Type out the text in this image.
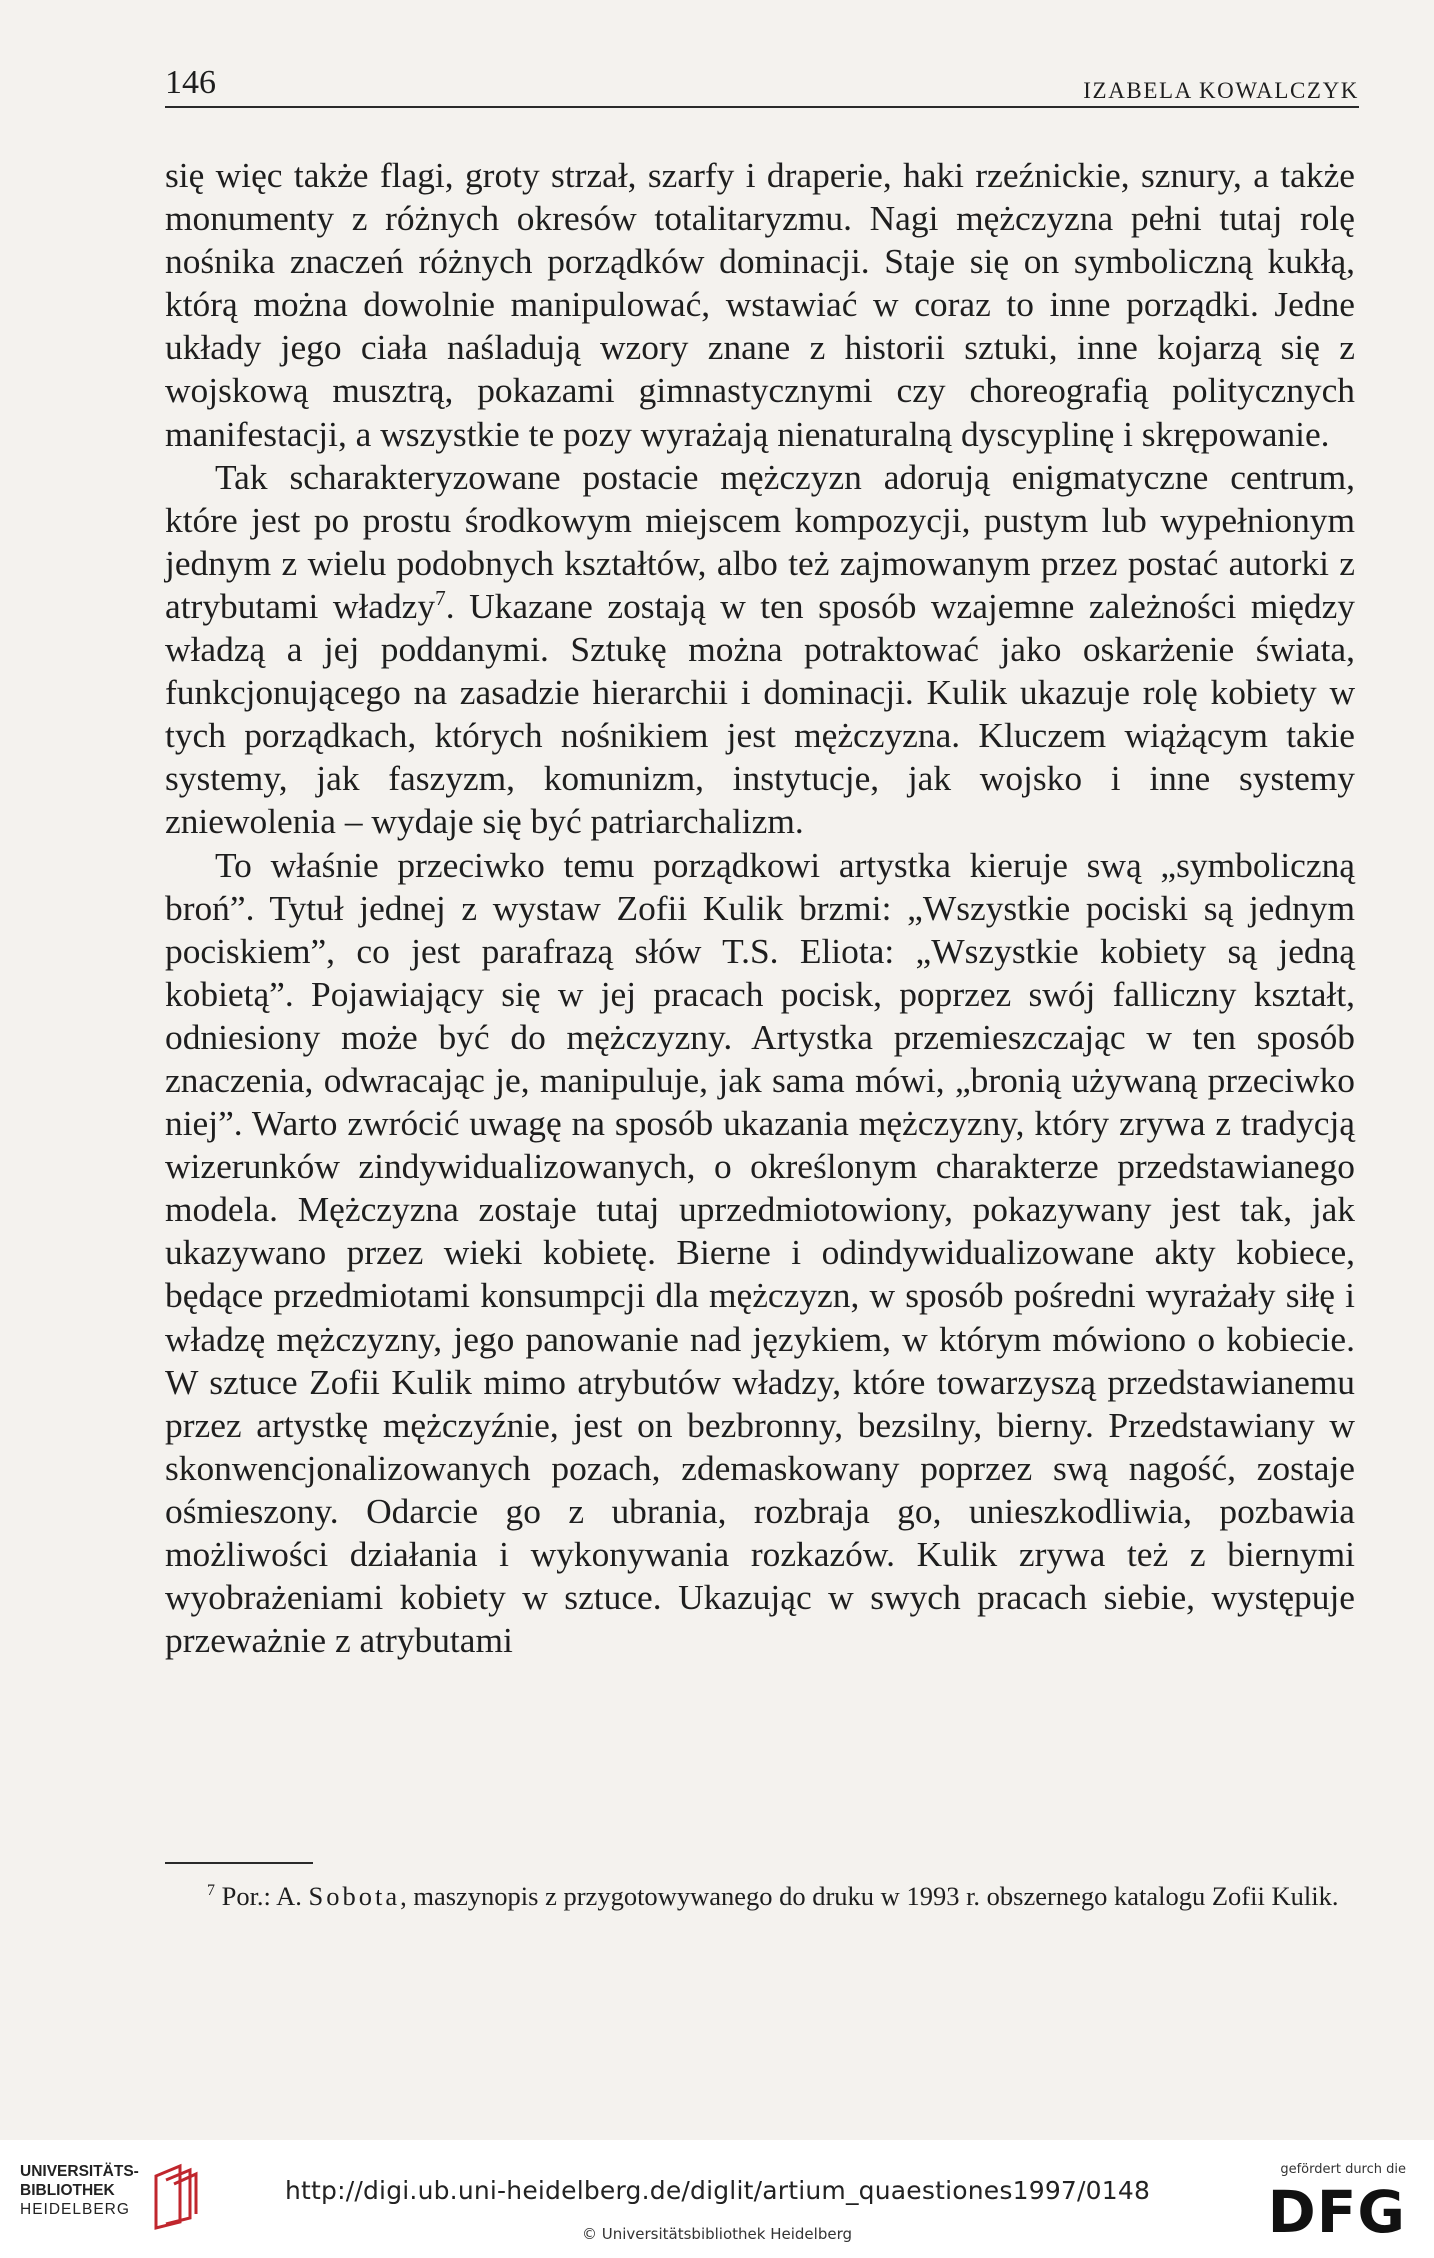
146	IZABELA KOWALCZYK

się więc także flagi, groty strzał, szarfy i draperie, haki rzeźnickie, sznury, a także monumenty z różnych okresów totalitaryzmu. Nagi mężczyzna pełni tutaj rolę nośnika znaczeń różnych porządków dominacji. Staje się on symboliczną kukłą, którą można dowolnie manipulować, wstawiać w coraz to inne porządki. Jedne układy jego ciała naśladują wzory znane z historii sztuki, inne kojarzą się z wojskową musztrą, pokazami gimnastycznymi czy choreografią politycznych manifestacji, a wszystkie te pozy wyrażają nienaturalną dyscyplinę i skrępowanie.

Tak scharakteryzowane postacie mężczyzn adorują enigmatyczne centrum, które jest po prostu środkowym miejscem kompozycji, pustym lub wypełnionym jednym z wielu podobnych kształtów, albo też zajmowanym przez postać autorki z atrybutami władzy$^7$. Ukazane zostają w ten sposób wzajemne zależności między władzą a jej poddanymi. Sztukę można potraktować jako oskarżenie świata, funkcjonującego na zasadzie hierarchii i dominacji. Kulik ukazuje rolę kobiety w tych porządkach, których nośnikiem jest mężczyzna. Kluczem wiążącym takie systemy, jak faszyzm, komunizm, instytucje, jak wojsko i inne systemy zniewolenia – wydaje się być patriarchalizm.

To właśnie przeciwko temu porządkowi artystka kieruje swą „symboliczną broń”. Tytuł jednej z wystaw Zofii Kulik brzmi: „Wszystkie pociski są jednym pociskiem”, co jest parafrazą słów T.S. Eliota: „Wszystkie kobiety są jedną kobietą”. Pojawiający się w jej pracach pocisk, poprzez swój falliczny kształt, odniesiony może być do mężczyzny. Artystka przemieszczając w ten sposób znaczenia, odwracając je, manipuluje, jak sama mówi, „bronią używaną przeciwko niej”. Warto zwrócić uwagę na sposób ukazania mężczyzny, który zrywa z tradycją wizerunków zindywidualizowanych, o określonym charakterze przedstawianego modela. Mężczyzna zostaje tutaj uprzedmiotowiony, pokazywany jest tak, jak ukazywano przez wieki kobietę. Bierne i odindywidualizowane akty kobiece, będące przedmiotami konsumpcji dla mężczyzn, w sposób pośredni wyrażały siłę i władzę mężczyzny, jego panowanie nad językiem, w którym mówiono o kobiecie. W sztuce Zofii Kulik mimo atrybutów władzy, które towarzyszą przedstawianemu przez artystkę mężczyźnie, jest on bezbronny, bezsilny, bierny. Przedstawiany w skonwencjonalizowanych pozach, zdemaskowany poprzez swą nagość, zostaje ośmieszony. Odarcie go z ubrania, rozbraja go, unieszkodliwia, pozbawia możliwości działania i wykonywania rozkazów. Kulik zrywa też z biernymi wyobrażeniami kobiety w sztuce. Ukazując w swych pracach siebie, występuje przeważnie z atrybutami

$^7$ Por.: A. Sobota, maszynopis z przygotowywanego do druku w 1993 r. obszernego katalogu Zofii Kulik.

UNIVERSITÄTS-
BIBLIOTHEK
HEIDELBERG
http://digi.ub.uni-heidelberg.de/diglit/artium_quaestiones1997/0148
© Universitätsbibliothek Heidelberg
gefördert durch die
DFG
